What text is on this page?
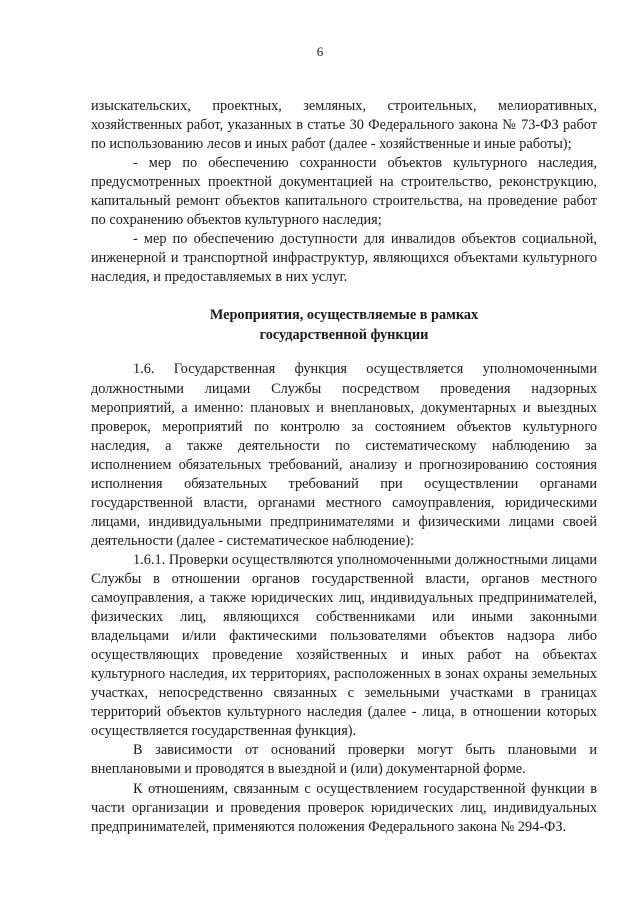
6

изыскательских, проектных, земляных, строительных, мелиоративных, хозяйственных работ, указанных в статье 30 Федерального закона № 73-ФЗ работ по использованию лесов и иных работ (далее - хозяйственные и иные работы);

- мер по обеспечению сохранности объектов культурного наследия, предусмотренных проектной документацией на строительство, реконструкцию, капитальный ремонт объектов капитального строительства, на проведение работ по сохранению объектов культурного наследия;

- мер по обеспечению доступности для инвалидов объектов социальной, инженерной и транспортной инфраструктур, являющихся объектами культурного наследия, и предоставляемых в них услуг.

Мероприятия, осуществляемые в рамках
государственной функции

1.6. Государственная функция осуществляется уполномоченными должностными лицами Службы посредством проведения надзорных мероприятий, а именно: плановых и внеплановых, документарных и выездных проверок, мероприятий по контролю за состоянием объектов культурного наследия, а также деятельности по систематическому наблюдению за исполнением обязательных требований, анализу и прогнозированию состояния исполнения обязательных требований при осуществлении органами государственной власти, органами местного самоуправления, юридическими лицами, индивидуальными предпринимателями и физическими лицами своей деятельности (далее - систематическое наблюдение):

1.6.1. Проверки осуществляются уполномоченными должностными лицами Службы в отношении органов государственной власти, органов местного самоуправления, а также юридических лиц, индивидуальных предпринимателей, физических лиц, являющихся собственниками или иными законными владельцами и/или фактическими пользователями объектов надзора либо осуществляющих проведение хозяйственных и иных работ на объектах культурного наследия, их территориях, расположенных в зонах охраны земельных участках, непосредственно связанных с земельными участками в границах территорий объектов культурного наследия (далее - лица, в отношении которых осуществляется государственная функция).

В зависимости от оснований проверки могут быть плановыми и внеплановыми и проводятся в выездной и (или) документарной форме.

К отношениям, связанным с осуществлением государственной функции в части организации и проведения проверок юридических лиц, индивидуальных предпринимателей, применяются положения Федерального закона № 294-ФЗ.
